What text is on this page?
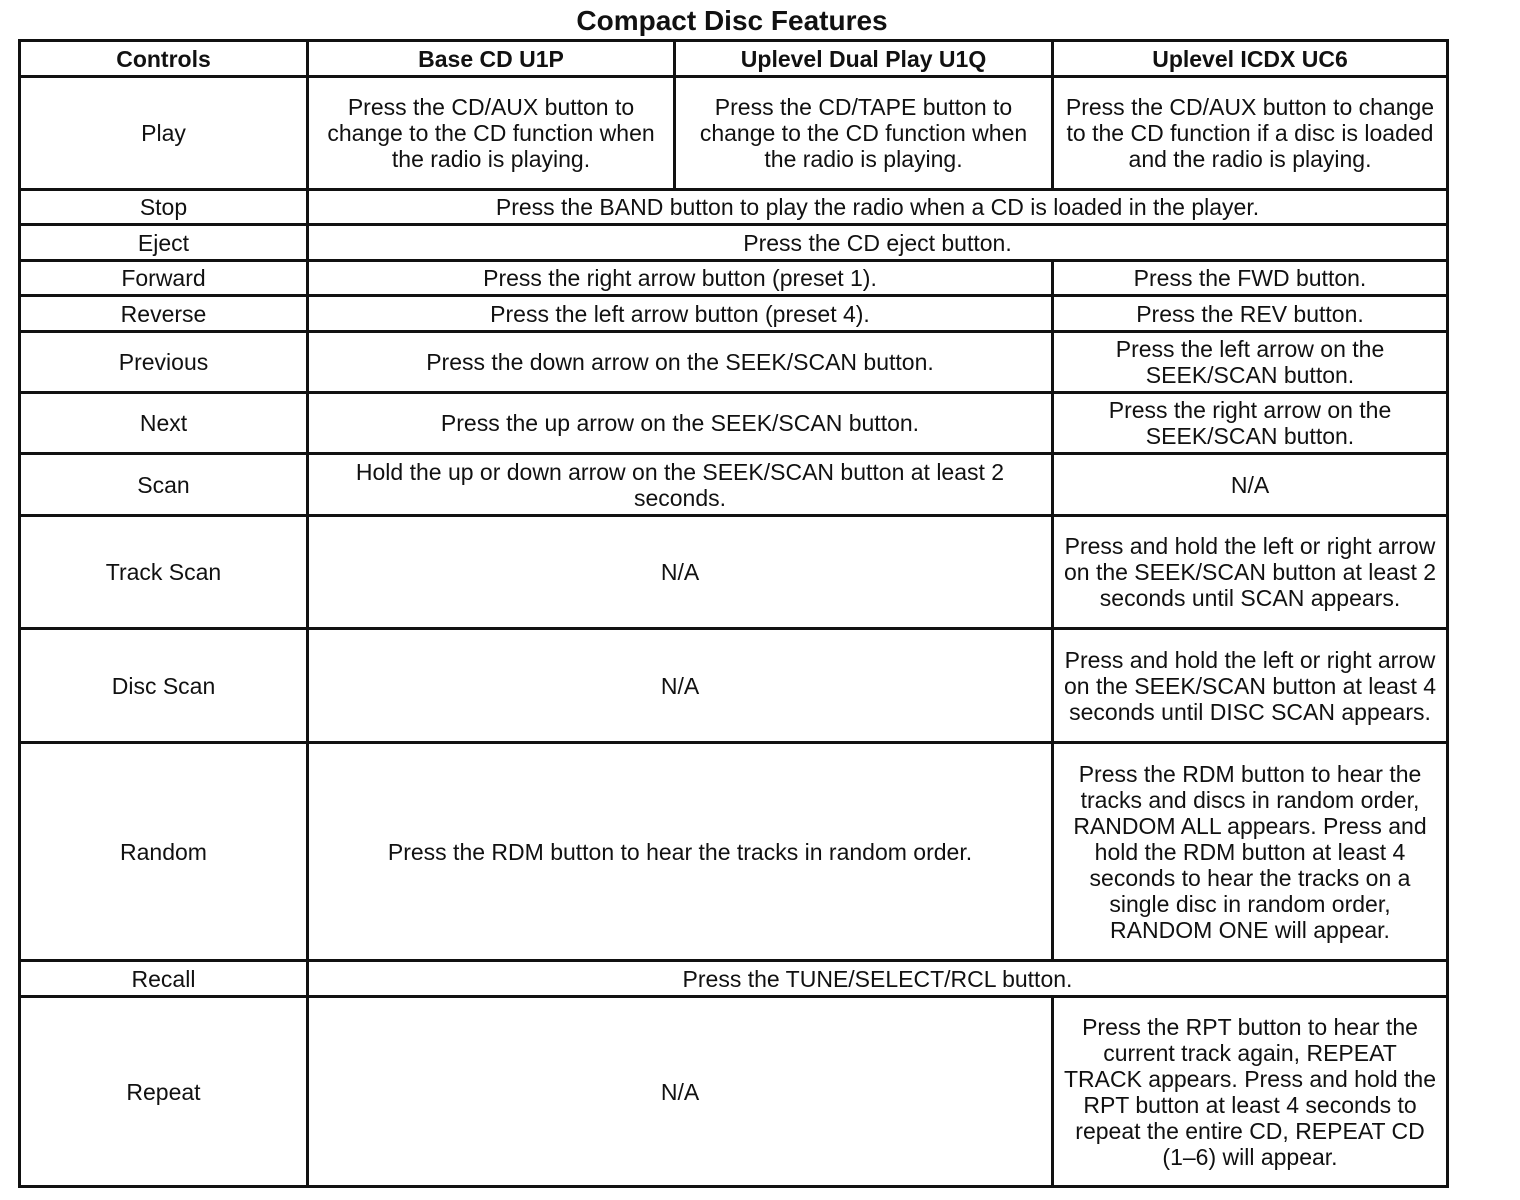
Compact Disc Features
Controls	Base CD U1P	Uplevel Dual Play U1Q	Uplevel ICDX UC6
Play	Press the CD/AUX button to change to the CD function when the radio is playing.	Press the CD/TAPE button to change to the CD function when the radio is playing.	Press the CD/AUX button to change to the CD function if a disc is loaded and the radio is playing.
Stop	Press the BAND button to play the radio when a CD is loaded in the player.		
Eject	Press the CD eject button.		
Forward	Press the right arrow button (preset 1).		Press the FWD button.
Reverse	Press the left arrow button (preset 4).		Press the REV button.
Previous	Press the down arrow on the SEEK/SCAN button.		Press the left arrow on the SEEK/SCAN button.
Next	Press the up arrow on the SEEK/SCAN button.		Press the right arrow on the SEEK/SCAN button.
Scan	Hold the up or down arrow on the SEEK/SCAN button at least 2 seconds.		N/A
Track Scan	N/A		Press and hold the left or right arrow on the SEEK/SCAN button at least 2 seconds until SCAN appears.
Disc Scan	N/A		Press and hold the left or right arrow on the SEEK/SCAN button at least 4 seconds until DISC SCAN appears.
Random	Press the RDM button to hear the tracks in random order.		Press the RDM button to hear the tracks and discs in random order, RANDOM ALL appears. Press and hold the RDM button at least 4 seconds to hear the tracks on a single disc in random order, RANDOM ONE will appear.
Recall	Press the TUNE/SELECT/RCL button.		
Repeat	N/A		Press the RPT button to hear the current track again, REPEAT TRACK appears. Press and hold the RPT button at least 4 seconds to repeat the entire CD, REPEAT CD (1–6) will appear.
